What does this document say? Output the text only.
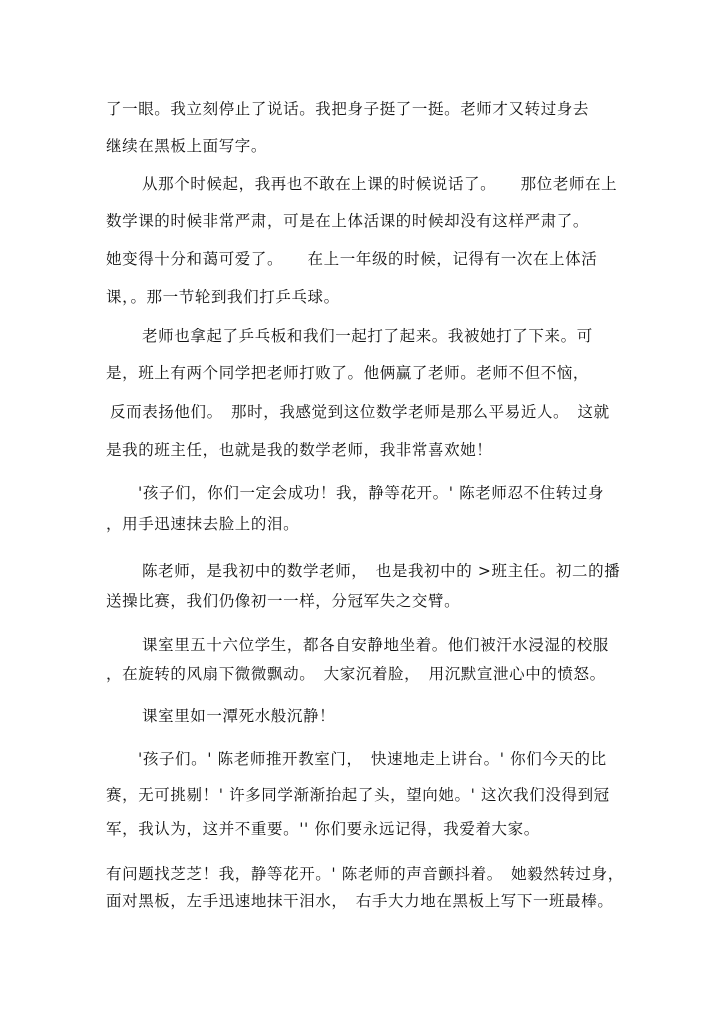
了一眼。我立刻停止了说话。我把身子挺了一挺。老师才又转过身去
继续在黑板上面写字。
从那个时候起，我再也不敢在上课的时候说话了。　　那位老师在上
数学课的时候非常严肃，可是在上体活课的时候却没有这样严肃了。
她变得十分和蔼可爱了。　　在上一年级的时候，记得有一次在上体活
课，。那一节轮到我们打乒乓球。
老师也拿起了乒乓板和我们一起打了起来。我被她打了下来。可
是，班上有两个同学把老师打败了。他俩赢了老师。老师不但不恼，
反而表扬他们。　那时，我感觉到这位数学老师是那么平易近人。　这就
是我的班主任，也就是我的数学老师，我非常喜欢她！
'孩子们，你们一定会成功！我，静等花开。' 陈老师忍不住转过身
，用手迅速抹去脸上的泪。
陈老师，是我初中的数学老师，　也是我初中的 >班主任。初二的播
送操比赛，我们仍像初一一样，分冠军失之交臂。
课室里五十六位学生，都各自安静地坐着。他们被汗水浸湿的校服
，在旋转的风扇下微微飘动。　大家沉着脸，　用沉默宣泄心中的愤怒。
课室里如一潭死水般沉静！
'孩子们。' 陈老师推开教室门，　快速地走上讲台。' 你们今天的比
赛，无可挑剔！' 许多同学渐渐抬起了头，望向她。' 这次我们没得到冠
军，我认为，这并不重要。'' 你们要永远记得，我爱着大家。
有问题找芝芝！我，静等花开。' 陈老师的声音颤抖着。　她毅然转过身，
面对黑板，左手迅速地抹干泪水，　右手大力地在黑板上写下一班最棒。
